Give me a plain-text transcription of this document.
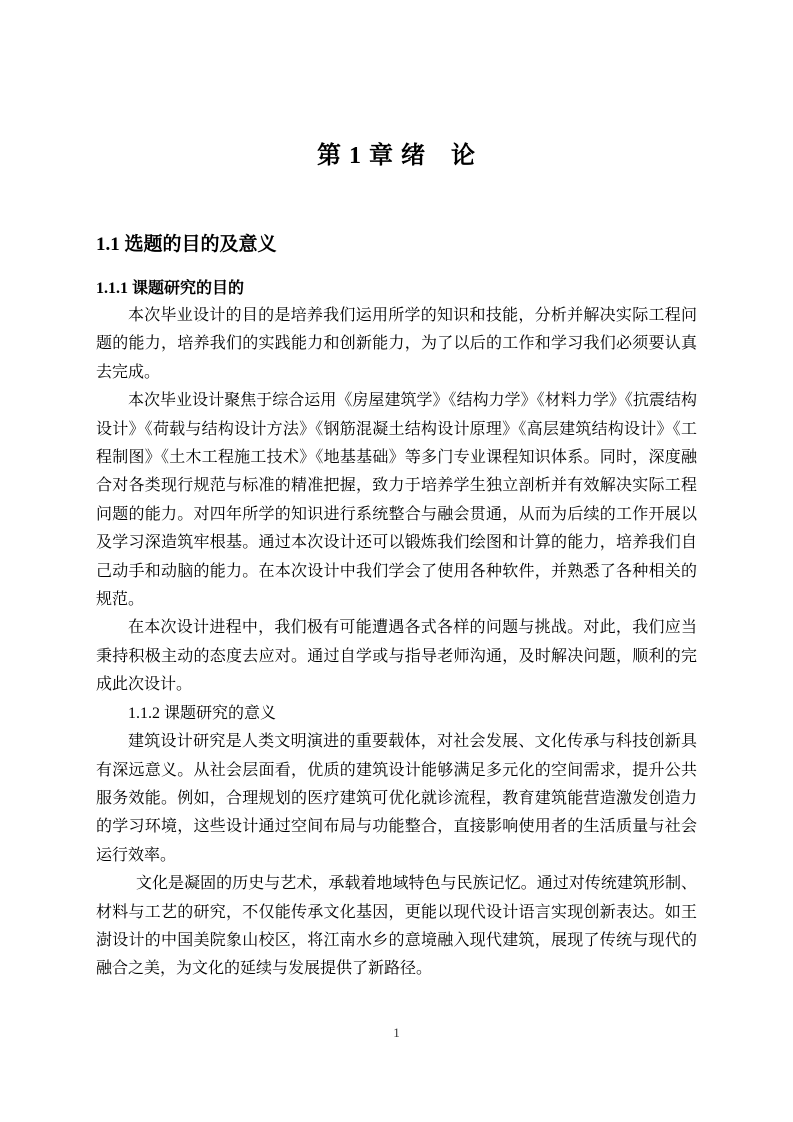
第 1 章 绪　论
1.1 选题的目的及意义
1.1.1 课题研究的目的

本次毕业设计的目的是培养我们运用所学的知识和技能，分析并解决实际工程问题的能力，培养我们的实践能力和创新能力，为了以后的工作和学习我们必须要认真去完成。

本次毕业设计聚焦于综合运用《房屋建筑学》《结构力学》《材料力学》《抗震结构设计》《荷载与结构设计方法》《钢筋混凝土结构设计原理》《高层建筑结构设计》《工程制图》《土木工程施工技术》《地基基础》等多门专业课程知识体系。同时，深度融合对各类现行规范与标准的精准把握，致力于培养学生独立剖析并有效解决实际工程问题的能力。对四年所学的知识进行系统整合与融会贯通，从而为后续的工作开展以及学习深造筑牢根基。通过本次设计还可以锻炼我们绘图和计算的能力，培养我们自己动手和动脑的能力。在本次设计中我们学会了使用各种软件，并熟悉了各种相关的规范。

在本次设计进程中，我们极有可能遭遇各式各样的问题与挑战。对此，我们应当秉持积极主动的态度去应对。通过自学或与指导老师沟通，及时解决问题，顺利的完成此次设计。

1.1.2 课题研究的意义

建筑设计研究是人类文明演进的重要载体，对社会发展、文化传承与科技创新具有深远意义。从社会层面看，优质的建筑设计能够满足多元化的空间需求，提升公共服务效能。例如，合理规划的医疗建筑可优化就诊流程，教育建筑能营造激发创造力的学习环境，这些设计通过空间布局与功能整合，直接影响使用者的生活质量与社会运行效率。

文化是凝固的历史与艺术，承载着地域特色与民族记忆。通过对传统建筑形制、材料与工艺的研究，不仅能传承文化基因，更能以现代设计语言实现创新表达。如王澍设计的中国美院象山校区，将江南水乡的意境融入现代建筑，展现了传统与现代的融合之美，为文化的延续与发展提供了新路径。

1
